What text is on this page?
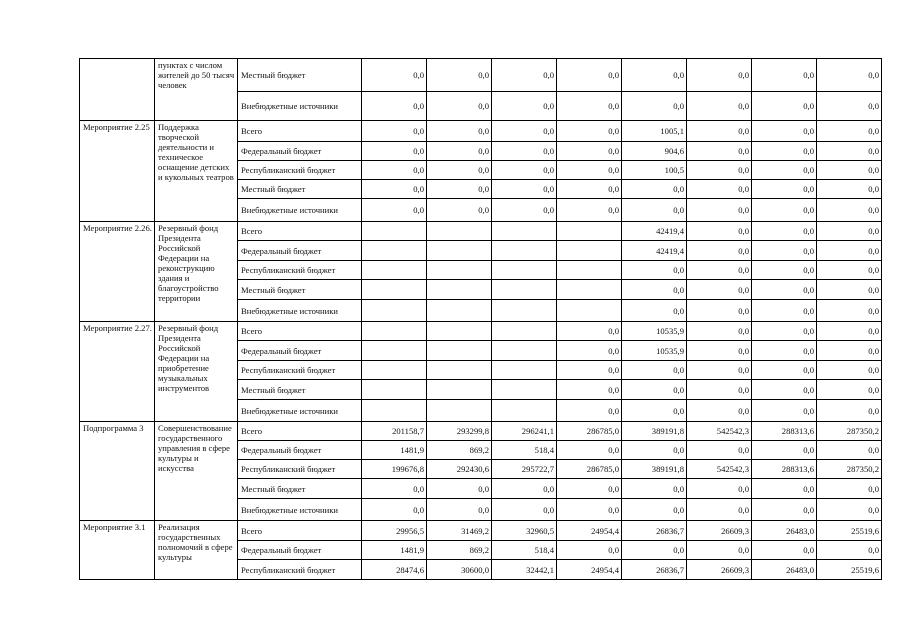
	пунктах с числом жителей до 50 тысяч человек	Местный бюджет	0,0	0,0	0,0	0,0	0,0	0,0	0,0	0,0
		Внебюджетные источники	0,0	0,0	0,0	0,0	0,0	0,0	0,0	0,0
Мероприятие 2.25	Поддержка творческой деятельности и техническое оснащение детских и кукольных театров	Всего	0,0	0,0	0,0	0,0	1005,1	0,0	0,0	0,0
		Федеральный бюджет	0,0	0,0	0,0	0,0	904,6	0,0	0,0	0,0
		Республиканский бюджет	0,0	0,0	0,0	0,0	100,5	0,0	0,0	0,0
		Местный бюджет	0,0	0,0	0,0	0,0	0,0	0,0	0,0	0,0
		Внебюджетные источники	0,0	0,0	0,0	0,0	0,0	0,0	0,0	0,0
Мероприятие 2.26.	Резервный фонд Президента Российской Федерации на реконструкцию здания и благоустройство территории	Всего					42419,4	0,0	0,0	0,0
		Федеральный бюджет					42419,4	0,0	0,0	0,0
		Республиканский бюджет					0,0	0,0	0,0	0,0
		Местный бюджет					0,0	0,0	0,0	0,0
		Внебюджетные источники					0,0	0,0	0,0	0,0
Мероприятие 2.27.	Резервный фонд Президента Российской Федерации на приобретение музыкальных инструментов	Всего				0,0	10535,9	0,0	0,0	0,0
		Федеральный бюджет				0,0	10535,9	0,0	0,0	0,0
		Республиканский бюджет				0,0	0,0	0,0	0,0	0,0
		Местный бюджет				0,0	0,0	0,0	0,0	0,0
		Внебюджетные источники				0,0	0,0	0,0	0,0	0,0
Подпрограмма 3	Совершенствование государственного управления в сфере культуры и искусства	Всего	201158,7	293299,8	296241,1	286785,0	389191,8	542542,3	288313,6	287350,2
		Федеральный бюджет	1481,9	869,2	518,4	0,0	0,0	0,0	0,0	0,0
		Республиканский бюджет	199676,8	292430,6	295722,7	286785,0	389191,8	542542,3	288313,6	287350,2
		Местный бюджет	0,0	0,0	0,0	0,0	0,0	0,0	0,0	0,0
		Внебюджетные источники	0,0	0,0	0,0	0,0	0,0	0,0	0,0	0,0
Мероприятие 3.1	Реализация государственных полномочий в сфере культуры	Всего	29956,5	31469,2	32960,5	24954,4	26836,7	26609,3	26483,0	25519,6
		Федеральный бюджет	1481,9	869,2	518,4	0,0	0,0	0,0	0,0	0,0
		Республиканский бюджет	28474,6	30600,0	32442,1	24954,4	26836,7	26609,3	26483,0	25519,6
